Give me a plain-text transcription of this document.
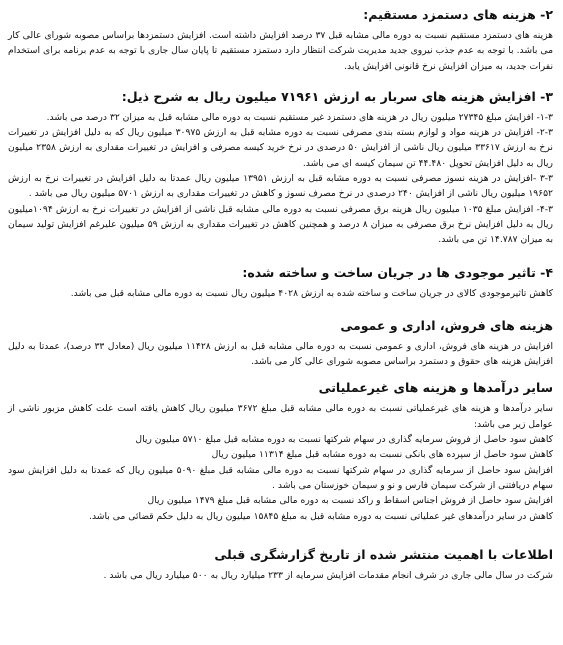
۲- هزینه های دستمزد مستقیم:

هزینه های دستمزد مستقیم نسبت به دوره مالی مشابه قبل ۳۷ درصد افزایش داشته است. افزایش دستمزدها براساس مصوبه شورای عالی کار می باشد. با توجه به عدم جذب نیروی جدید مدیریت شرکت انتظار دارد دستمزد مستقیم تا پایان سال جاری با توجه به عدم برنامه برای استخدام نفرات جدید، به میزان افزایش نرخ قانونی افزایش یابد.

۳- افزایش هزینه های سربار به ارزش ۷۱۹۶۱ میلیون ریال به شرح ذیل:

۱-۳- افزایش مبلغ ۲۷۳۴۵ میلیون ریال در هزینه های دستمزد غیر مستقیم نسبت به دوره مالی مشابه قبل به میزان ۳۲ درصد می باشد.

۲-۳- افزایش در هزینه مواد و لوازم بسته بندی مصرفی نسبت به دوره مشابه قبل به ارزش ۳۰۹۷۵ میلیون ریال که به دلیل افزایش در تغییرات نرخ به ارزش ۳۳۶۱۷ میلیون ریال ناشی از افزایش ۵۰ درصدی در نرخ خرید کیسه مصرفی و افزایش در تغییرات مقداری به ارزش ۲۳۵۸ میلیون ریال به دلیل افزایش تحویل ۴۴.۴۸۰ تن سیمان کیسه ای می باشد.

۳-۳ -افزایش در هزینه نسوز مصرفی نسبت به دوره مشابه قبل به ارزش ۱۳۹۵۱ میلیون ریال عمدتا به دلیل افزایش در تغییرات نرخ به ارزش ۱۹۶۵۲ میلیون ریال ناشی از افزایش ۲۴۰ درصدی در نرخ مصرف نسوز و کاهش در تغییرات مقداری به ارزش ۵۷۰۱ میلیون ریال می باشد .

۴-۳- افزایش مبلغ ۱۰۳۵ میلیون ریال هزینه برق مصرفی نسبت به دوره مالی مشابه قبل ناشی از افزایش در تغییرات نرخ به ارزش ۱۰۹۴میلیون ریال به دلیل افزایش نرخ برق مصرفی به میزان ۸ درصد و همچنین کاهش در تغییرات مقداری به ارزش ۵۹ میلیون علیرغم افزایش تولید سیمان به میزان ۱۴.۷۸۷ تن می باشد.

۴- تاثیر موجودی ها در جریان ساخت و ساخته شده:

کاهش تاثیرموجودی کالای در جریان ساخت و ساخته شده به ارزش ۴۰۲۸ میلیون ریال نسبت به دوره مالی مشابه قبل می باشد.

هزینه های فروش، اداری و عمومی

افزایش در هزینه های فروش، اداری و عمومی نسبت به دوره مالی مشابه قبل به ارزش ۱۱۴۲۸ میلیون ریال (معادل ۳۳ درصد)، عمدتا به دلیل افزایش هزینه های حقوق و دستمزد براساس مصوبه شورای عالی کار می باشد.

سایر درآمدها و هزینه های غیرعملیاتی

سایر درآمدها و هزینه های غیرعملیاتی نسبت به دوره مالی مشابه قبل مبلغ ۳۶۷۲ میلیون ریال کاهش یافته است علت کاهش مزبور ناشی از عوامل زیر می باشد:

کاهش سود حاصل از فروش سرمایه گذاری در سهام شرکتها نسبت به دوره مشابه قبل مبلغ ۵۷۱۰ میلیون ریال

کاهش سود حاصل از سپرده های بانکی نسبت به دوره مشابه قبل مبلغ ۱۱۳۱۴ میلیون ریال

افزایش سود حاصل از سرمایه گذاری در سهام شرکتها نسبت به دوره مالی مشابه قبل مبلغ ۵۰۹۰ میلیون ریال که عمدتا به دلیل افزایش سود سهام دریافتنی از شرکت سیمان فارس و نو و سیمان خوزستان می باشد .

افزایش سود حاصل از فروش اجناس اسقاط و راکد نسبت به دوره مالی مشابه قبل مبلغ ۱۴۷۹ میلیون ریال

کاهش در سایر درآمدهای غیر عملیاتی نسبت به دوره مشابه قبل به مبلغ ۱۵۸۴۵ میلیون ریال به دلیل حکم قضائی می باشد.

اطلاعات با اهمیت منتشر شده از تاریخ گزارشگری قبلی

شرکت در سال مالی جاری در شرف انجام مقدمات افزایش سرمایه از ۲۳۳ میلیارد ریال به ۵۰۰ میلیارد ریال می باشد .
